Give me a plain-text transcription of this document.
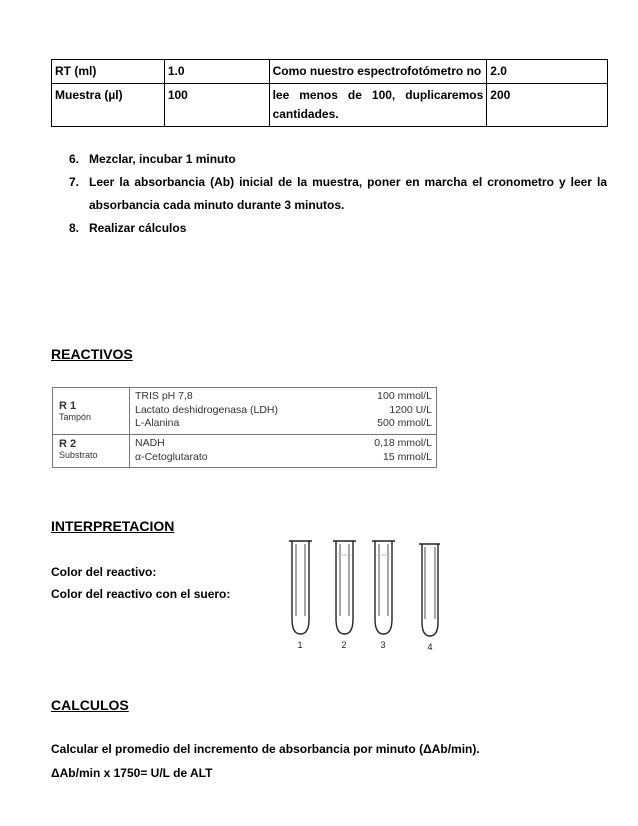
RT (ml)	1.0	Como nuestro espectrofotómetro no	2.0
Muestra (µl)	100	lee menos de 100, duplicaremos cantidades.	200
6. Mezclar, incubar 1 minuto
7. Leer la absorbancia (Ab) inicial de la muestra, poner en marcha el cronometro y leer la absorbancia cada minuto durante 3 minutos.
8. Realizar cálculos
REACTIVOS
R 1
Tampón
TRIS pH 7,8	100 mmol/L
Lactato deshidrogenasa (LDH)	1200 U/L
L-Alanina	500 mmol/L
R 2
Substrato
NADH	0,18 mmol/L
α-Cetoglutarato	15 mmol/L
INTERPRETACION
Color del reactivo:
Color del reactivo con el suero:
1	2	3	4
CALCULOS
Calcular el promedio del incremento de absorbancia por minuto (ΔAb/min).
ΔAb/min x 1750= U/L de ALT
